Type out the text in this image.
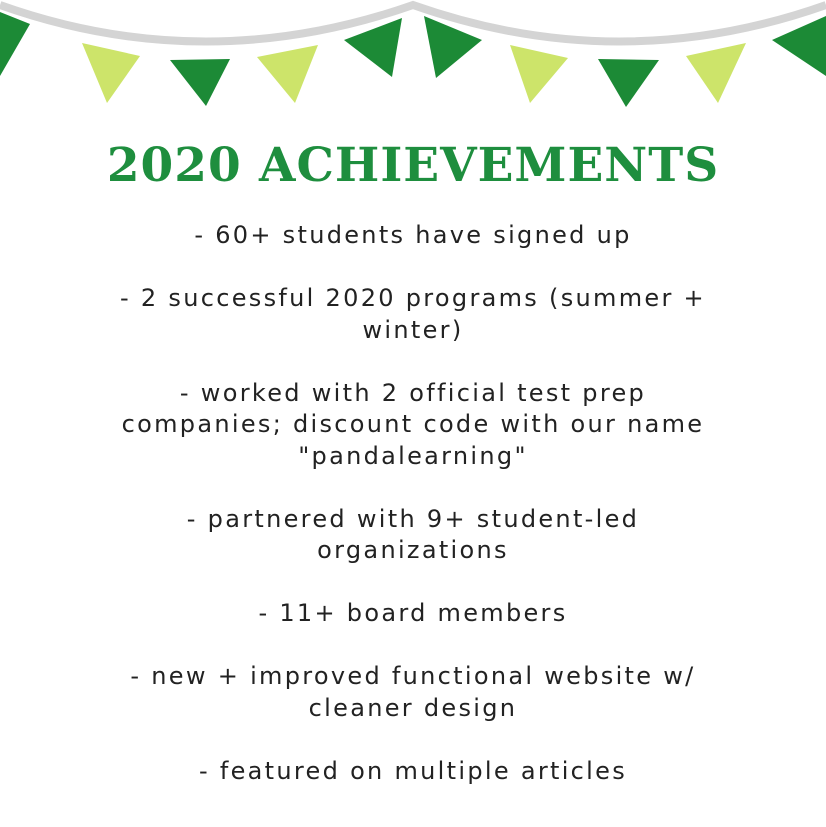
2020 ACHIEVEMENTS
- 60+ students have signed up
- 2 successful 2020 programs (summer + winter)
- worked with 2 official test prep companies; discount code with our name "pandalearning"
- partnered with 9+ student-led organizations
- 11+ board members
- new + improved functional website w/ cleaner design
- featured on multiple articles
